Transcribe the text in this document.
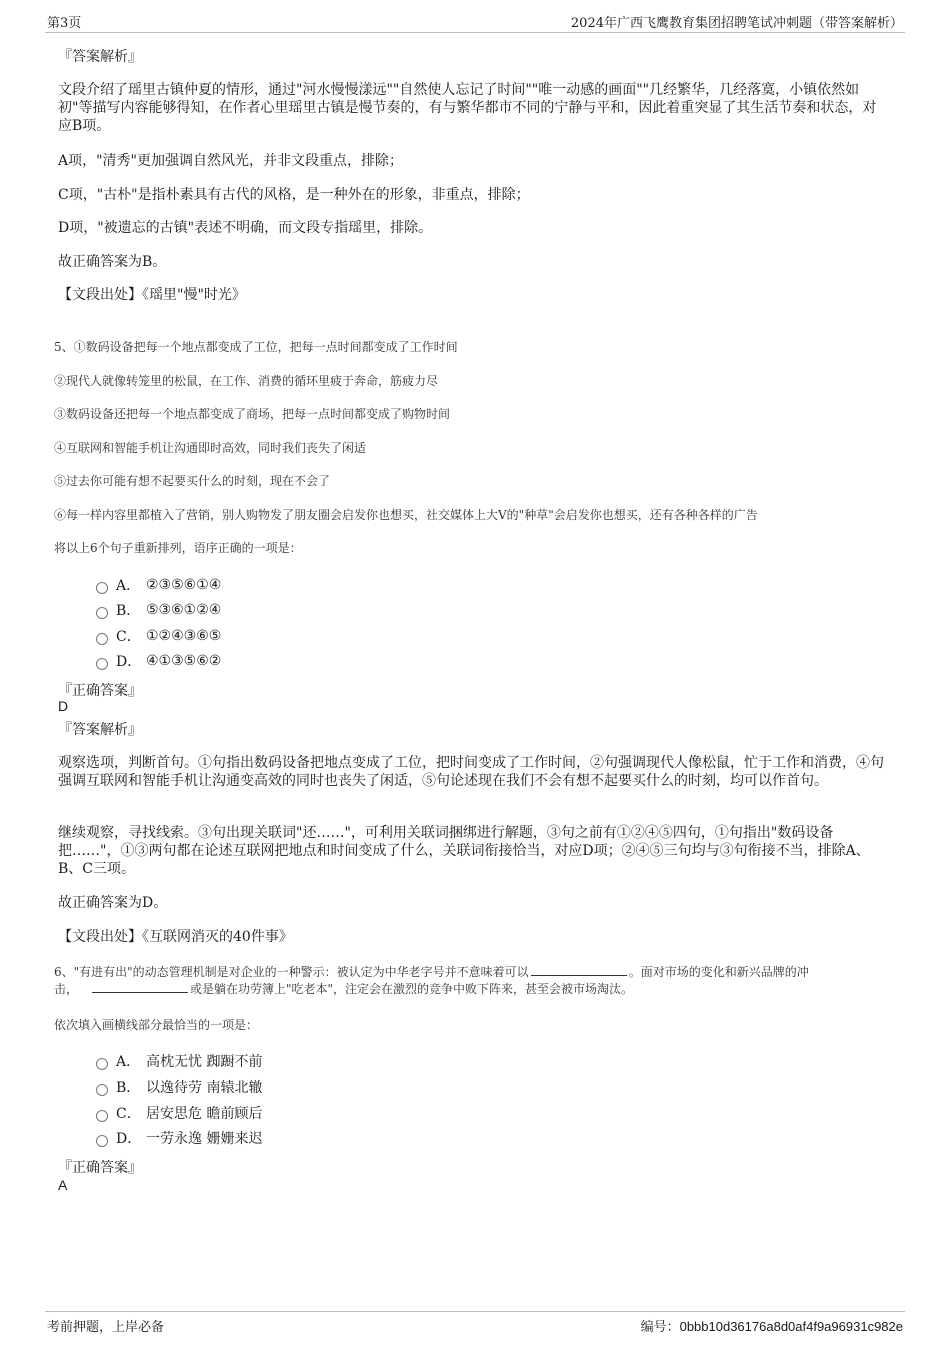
第3页	2024年广西飞鹰教育集团招聘笔试冲刺题（带答案解析）
『答案解析』
文段介绍了瑶里古镇仲夏的情形，通过"河水慢慢漾远""自然使人忘记了时间""唯一动感的画面""几经繁华，几经落寞，小镇依然如初"等描写内容能够得知，在作者心里瑶里古镇是慢节奏的，有与繁华都市不同的宁静与平和，因此着重突显了其生活节奏和状态，对应B项。
A项，"清秀"更加强调自然风光，并非文段重点，排除；
C项，"古朴"是指朴素具有古代的风格，是一种外在的形象，非重点，排除；
D项，"被遗忘的古镇"表述不明确，而文段专指瑶里，排除。
故正确答案为B。
【文段出处】《瑶里"慢"时光》
5、①数码设备把每一个地点都变成了工位，把每一点时间都变成了工作时间
②现代人就像转笼里的松鼠，在工作、消费的循环里疲于奔命，筋疲力尽
③数码设备还把每一个地点都变成了商场，把每一点时间都变成了购物时间
④互联网和智能手机让沟通即时高效，同时我们丧失了闲适
⑤过去你可能有想不起要买什么的时刻，现在不会了
⑥每一样内容里都植入了营销，别人购物发了朋友圈会启发你也想买，社交媒体上大V的"种草"会启发你也想买，还有各种各样的广告
将以上6个句子重新排列，语序正确的一项是：
A． ②③⑤⑥①④
B． ⑤③⑥①②④
C． ①②④③⑥⑤
D． ④①③⑤⑥②
『正确答案』
D
『答案解析』
观察选项，判断首句。①句指出数码设备把地点变成了工位，把时间变成了工作时间，②句强调现代人像松鼠，忙于工作和消费，④句强调互联网和智能手机让沟通变高效的同时也丧失了闲适，⑤句论述现在我们不会有想不起要买什么的时刻，均可以作首句。
继续观察，寻找线索。③句出现关联词"还……"，可利用关联词捆绑进行解题，③句之前有①②④⑤四句，①句指出"数码设备把……"，①③两句都在论述互联网把地点和时间变成了什么，关联词衔接恰当，对应D项；②④⑤三句均与③句衔接不当，排除A、B、C三项。
故正确答案为D。
【文段出处】《互联网消灭的40件事》
6、"有进有出"的动态管理机制是对企业的一种警示：被认定为中华老字号并不意味着可以	。面对市场的变化和新兴品牌的冲
击，	或是躺在功劳簿上"吃老本"，注定会在激烈的竞争中败下阵来，甚至会被市场淘汰。
依次填入画横线部分最恰当的一项是：
A． 高枕无忧 踟蹰不前
B． 以逸待劳 南辕北辙
C． 居安思危 瞻前顾后
D． 一劳永逸 姗姗来迟
『正确答案』
A
考前押题，上岸必备	编号：0bbb10d36176a8d0af4f9a96931c982e
